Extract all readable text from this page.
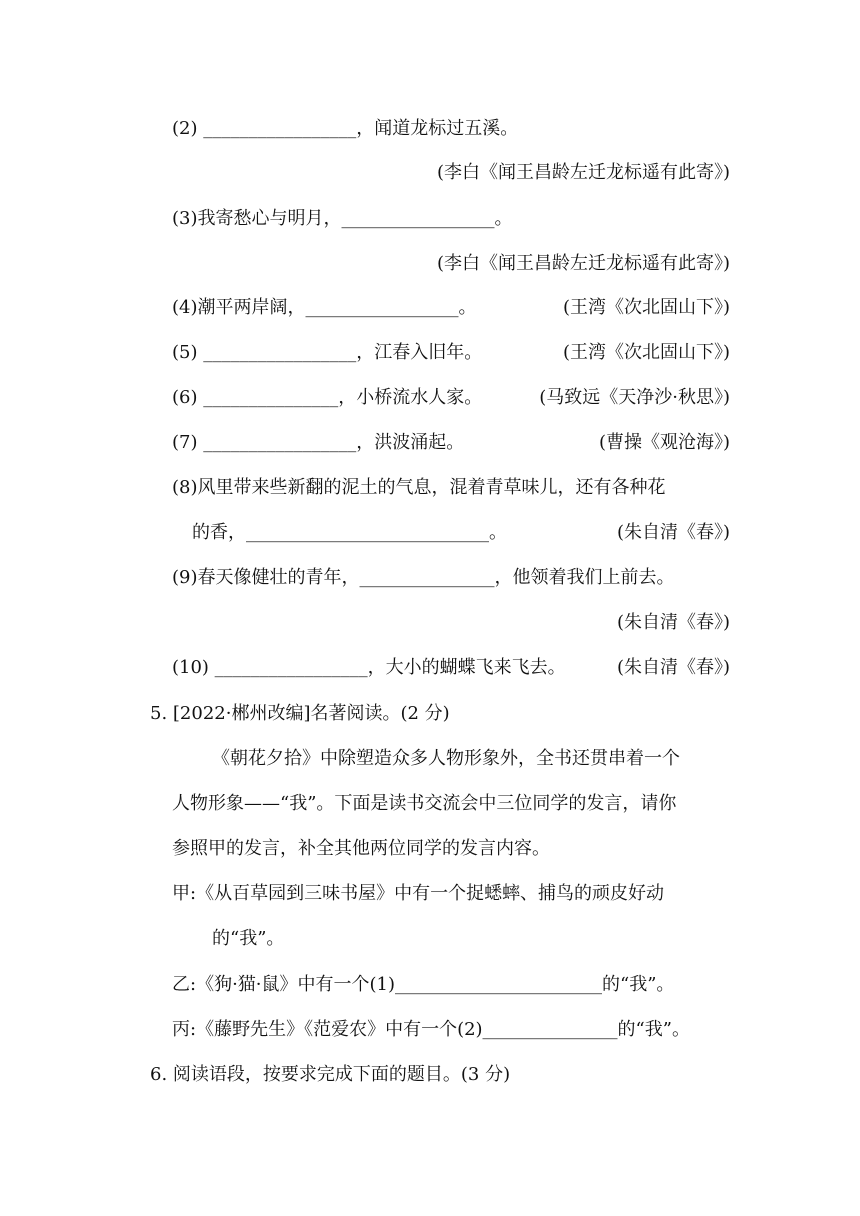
(2) _________________，闻道龙标过五溪。
(李白《闻王昌龄左迁龙标遥有此寄》)
(3)我寄愁心与明月，_________________。
(李白《闻王昌龄左迁龙标遥有此寄》)
(4)潮平两岸阔，_________________。	(王湾《次北固山下》)
(5) _________________，江春入旧年。	(王湾《次北固山下》)
(6) _______________，小桥流水人家。	(马致远《天净沙·秋思》)
(7) _________________，洪波涌起。	(曹操《观沧海》)
(8)风里带来些新翻的泥土的气息，混着青草味儿，还有各种花
的香，___________________________。	(朱自清《春》)
(9)春天像健壮的青年，_______________，他领着我们上前去。
(朱自清《春》)
(10) _________________，大小的蝴蝶飞来飞去。	(朱自清《春》)
5. [2022·郴州改编]名著阅读。(2 分)
《朝花夕拾》中除塑造众多人物形象外，全书还贯串着一个
人物形象——“我”。下面是读书交流会中三位同学的发言，请你
参照甲的发言，补全其他两位同学的发言内容。
甲:《从百草园到三味书屋》中有一个捉蟋蟀、捕鸟的顽皮好动
的“我”。
乙:《狗·猫·鼠》中有一个(1)_______________________的“我”。
丙:《藤野先生》《范爱农》中有一个(2)_______________的“我”。
6. 阅读语段，按要求完成下面的题目。(3 分)
